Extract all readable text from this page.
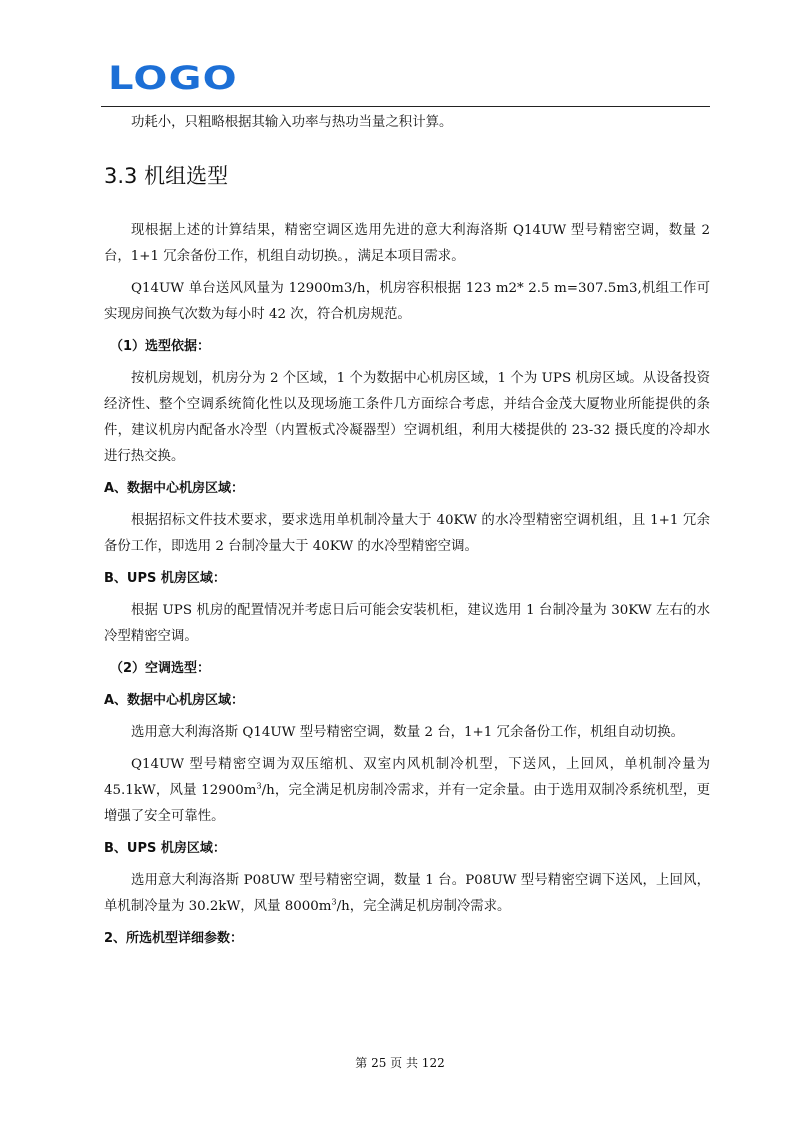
LOGO

功耗小，只粗略根据其输入功率与热功当量之积计算。

3.3 机组选型

现根据上述的计算结果，精密空调区选用先进的意大利海洛斯 Q14UW 型号精密空调，数量 2 台，1+1 冗余备份工作，机组自动切换。，满足本项目需求。

Q14UW 单台送风风量为 12900m3/h，机房容积根据 123 m2* 2.5 m=307.5m3,机组工作可实现房间换气次数为每小时 42 次，符合机房规范。

（1）选型依据：

按机房规划，机房分为 2 个区域，1 个为数据中心机房区域，1 个为 UPS 机房区域。从设备投资经济性、整个空调系统简化性以及现场施工条件几方面综合考虑，并结合金茂大厦物业所能提供的条件，建议机房内配备水冷型（内置板式冷凝器型）空调机组，利用大楼提供的 23-32 摄氏度的冷却水进行热交换。

A、数据中心机房区域：

根据招标文件技术要求，要求选用单机制冷量大于 40KW 的水冷型精密空调机组，且 1+1 冗余备份工作，即选用 2 台制冷量大于 40KW 的水冷型精密空调。

B、UPS 机房区域：

根据 UPS 机房的配置情况并考虑日后可能会安装机柜，建议选用 1 台制冷量为 30KW 左右的水冷型精密空调。

（2）空调选型：

A、数据中心机房区域：

选用意大利海洛斯 Q14UW 型号精密空调，数量 2 台，1+1 冗余备份工作，机组自动切换。

Q14UW 型号精密空调为双压缩机、双室内风机制冷机型，下送风，上回风，单机制冷量为 45.1kW，风量 $12900m^3/h$，完全满足机房制冷需求，并有一定余量。由于选用双制冷系统机型，更增强了安全可靠性。

B、UPS 机房区域：

选用意大利海洛斯 P08UW 型号精密空调，数量 1 台。P08UW 型号精密空调下送风，上回风，单机制冷量为 30.2kW，风量 $8000m^3/h$，完全满足机房制冷需求。

2、所选机型详细参数：

第 25 页 共 122
